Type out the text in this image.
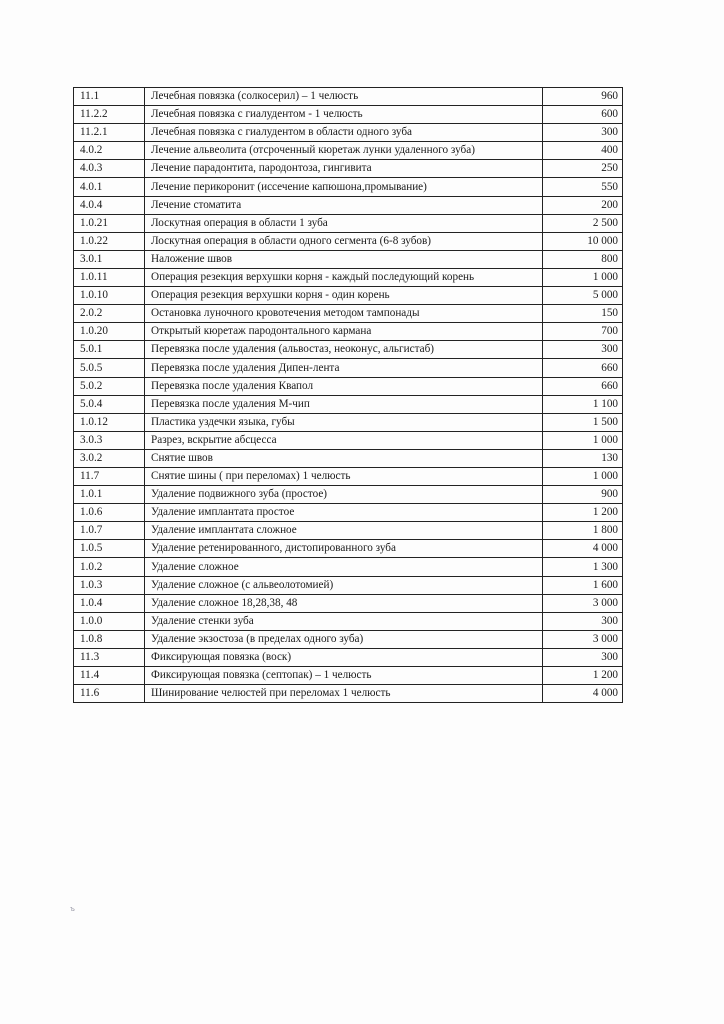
11.1	Лечебная повязка (солкосерил) – 1 челюсть	960
11.2.2	Лечебная повязка с гиалудентом - 1 челюсть	600
11.2.1	Лечебная повязка с гиалудентом в области одного зуба	300
4.0.2	Лечение альвеолита (отсроченный кюретаж лунки удаленного зуба)	400
4.0.3	Лечение парадонтита, пародонтоза, гингивита	250
4.0.1	Лечение перикоронит (иссечение капюшона,промывание)	550
4.0.4	Лечение стоматита	200
1.0.21	Лоскутная операция в области 1 зуба	2 500
1.0.22	Лоскутная операция в области одного сегмента (6-8 зубов)	10 000
3.0.1	Наложение швов	800
1.0.11	Операция резекция верхушки корня - каждый последующий корень	1 000
1.0.10	Операция резекция верхушки корня - один корень	5 000
2.0.2	Остановка луночного кровотечения методом тампонады	150
1.0.20	Открытый кюретаж пародонтального кармана	700
5.0.1	Перевязка после удаления (альвостаз, неоконус, альгистаб)	300
5.0.5	Перевязка после удаления Дипен-лента	660
5.0.2	Перевязка после удаления Квапол	660
5.0.4	Перевязка после удаления М-чип	1 100
1.0.12	Пластика уздечки языка, губы	1 500
3.0.3	Разрез, вскрытие абсцесса	1 000
3.0.2	Снятие швов	130
11.7	Снятие шины ( при переломах) 1 челюсть	1 000
1.0.1	Удаление подвижного зуба (простое)	900
1.0.6	Удаление имплантата простое	1 200
1.0.7	Удаление имплантата сложное	1 800
1.0.5	Удаление ретенированного, дистопированного зуба	4 000
1.0.2	Удаление сложное	1 300
1.0.3	Удаление сложное (с альвеолотомией)	1 600
1.0.4	Удаление сложное 18,28,38, 48	3 000
1.0.0	Удаление стенки зуба	300
1.0.8	Удаление экзостоза (в пределах одного зуба)	3 000
11.3	Фиксирующая повязка (воск)	300
11.4	Фиксирующая повязка (септопак) – 1 челюсть	1 200
11.6	Шинирование челюстей при переломах 1 челюсть	4 000
ъ
